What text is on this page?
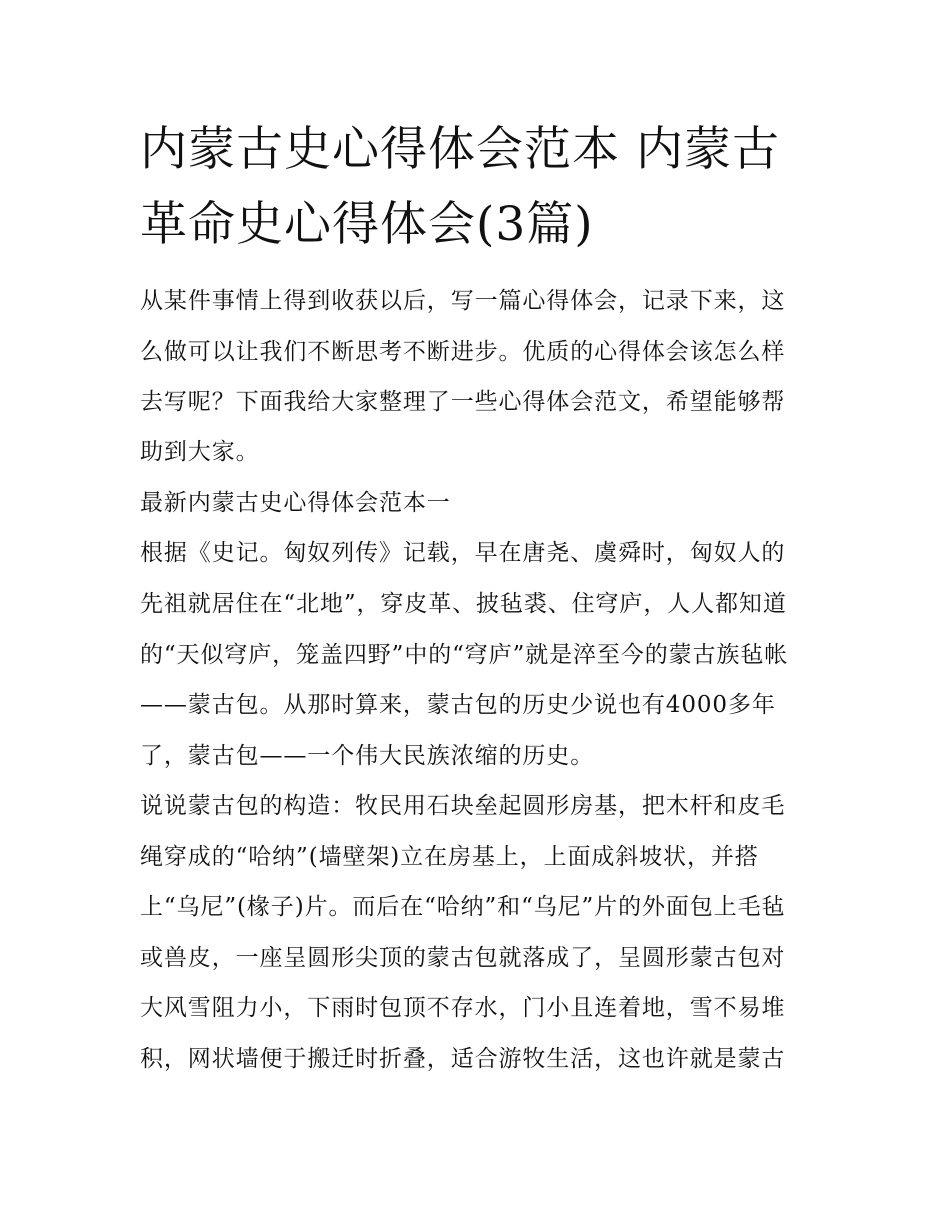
内蒙古史心得体会范本 内蒙古
革命史心得体会(3篇)

从某件事情上得到收获以后，写一篇心得体会，记录下来，这

么做可以让我们不断思考不断进步。优质的心得体会该怎么样

去写呢？下面我给大家整理了一些心得体会范文，希望能够帮

助到大家。

最新内蒙古史心得体会范本一

根据《史记。匈奴列传》记载，早在唐尧、虞舜时，匈奴人的

先祖就居住在“北地”，穿皮革、披毡裘、住穹庐，人人都知道

的“天似穹庐，笼盖四野”中的“穹庐”就是淬至今的蒙古族毡帐

——蒙古包。从那时算来，蒙古包的历史少说也有4000多年

了，蒙古包——一个伟大民族浓缩的历史。

说说蒙古包的构造：牧民用石块垒起圆形房基，把木杆和皮毛

绳穿成的“哈纳”(墙壁架)立在房基上，上面成斜坡状，并搭

上“乌尼”(椽子)片。而后在“哈纳”和“乌尼”片的外面包上毛毡

或兽皮，一座呈圆形尖顶的蒙古包就落成了，呈圆形蒙古包对

大风雪阻力小，下雨时包顶不存水，门小且连着地，雪不易堆

积，网状墙便于搬迁时折叠，适合游牧生活，这也许就是蒙古
